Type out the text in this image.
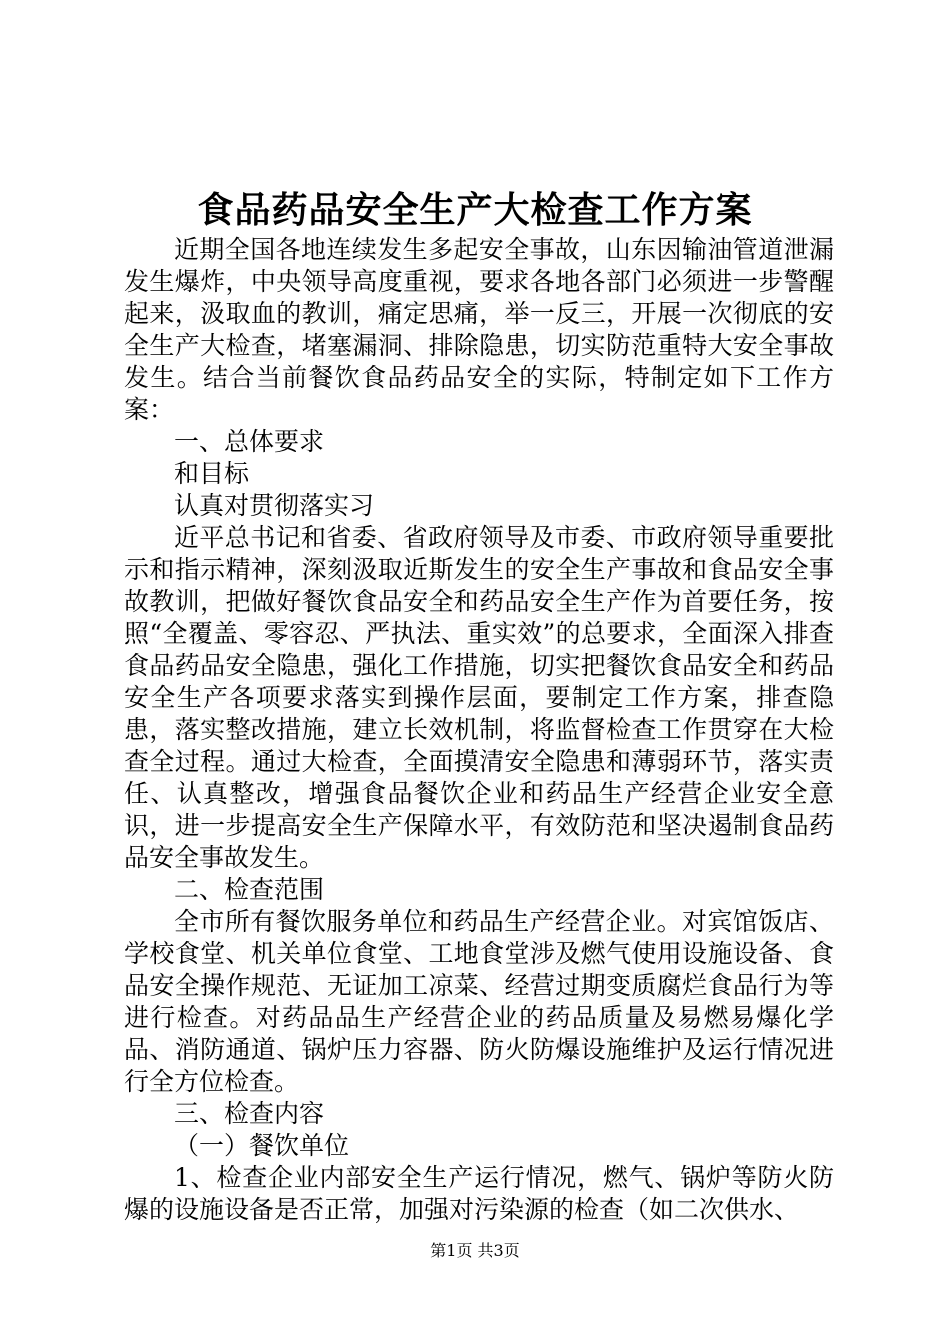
食品药品安全生产大检查工作方案

近期全国各地连续发生多起安全事故，山东因输油管道泄漏发生爆炸，中央领导高度重视，要求各地各部门必须进一步警醒起来，汲取血的教训，痛定思痛，举一反三，开展一次彻底的安全生产大检查，堵塞漏洞、排除隐患，切实防范重特大安全事故发生。结合当前餐饮食品药品安全的实际，特制定如下工作方案：

一、总体要求

和目标

认真对贯彻落实习

近平总书记和省委、省政府领导及市委、市政府领导重要批示和指示精神，深刻汲取近斯发生的安全生产事故和食品安全事故教训，把做好餐饮食品安全和药品安全生产作为首要任务，按照“全覆盖、零容忍、严执法、重实效”的总要求，全面深入排查食品药品安全隐患，强化工作措施，切实把餐饮食品安全和药品安全生产各项要求落实到操作层面，要制定工作方案，排查隐患，落实整改措施，建立长效机制，将监督检查工作贯穿在大检查全过程。通过大检查，全面摸清安全隐患和薄弱环节，落实责任、认真整改，增强食品餐饮企业和药品生产经营企业安全意识，进一步提高安全生产保障水平，有效防范和坚决遏制食品药品安全事故发生。

二、检查范围

全市所有餐饮服务单位和药品生产经营企业。对宾馆饭店、学校食堂、机关单位食堂、工地食堂涉及燃气使用设施设备、食品安全操作规范、无证加工凉菜、经营过期变质腐烂食品行为等进行检查。对药品品生产经营企业的药品质量及易燃易爆化学品、消防通道、锅炉压力容器、防火防爆设施维护及运行情况进行全方位检查。

三、检查内容

（一）餐饮单位

1、检查企业内部安全生产运行情况，燃气、锅炉等防火防爆的设施设备是否正常，加强对污染源的检查（如二次供水、

第1页 共3页
